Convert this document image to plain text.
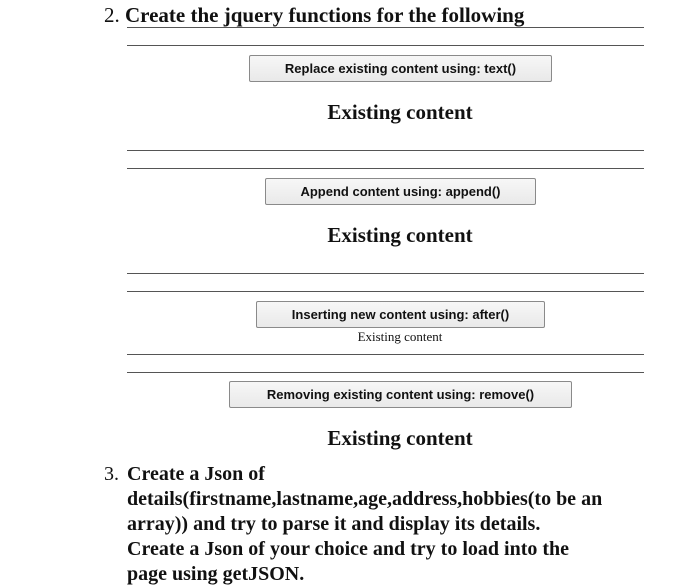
2. Create the jquery functions for the following
Replace existing content using: text()
Existing content
Append content using: append()
Existing content
Inserting new content using: after()
Existing content
Removing existing content using: remove()
Existing content
3. Create a Json of
details(firstname,lastname,age,address,hobbies(to be an
array)) and try to parse it and display its details.
Create a Json of your choice and try to load into the
page using getJSON.
